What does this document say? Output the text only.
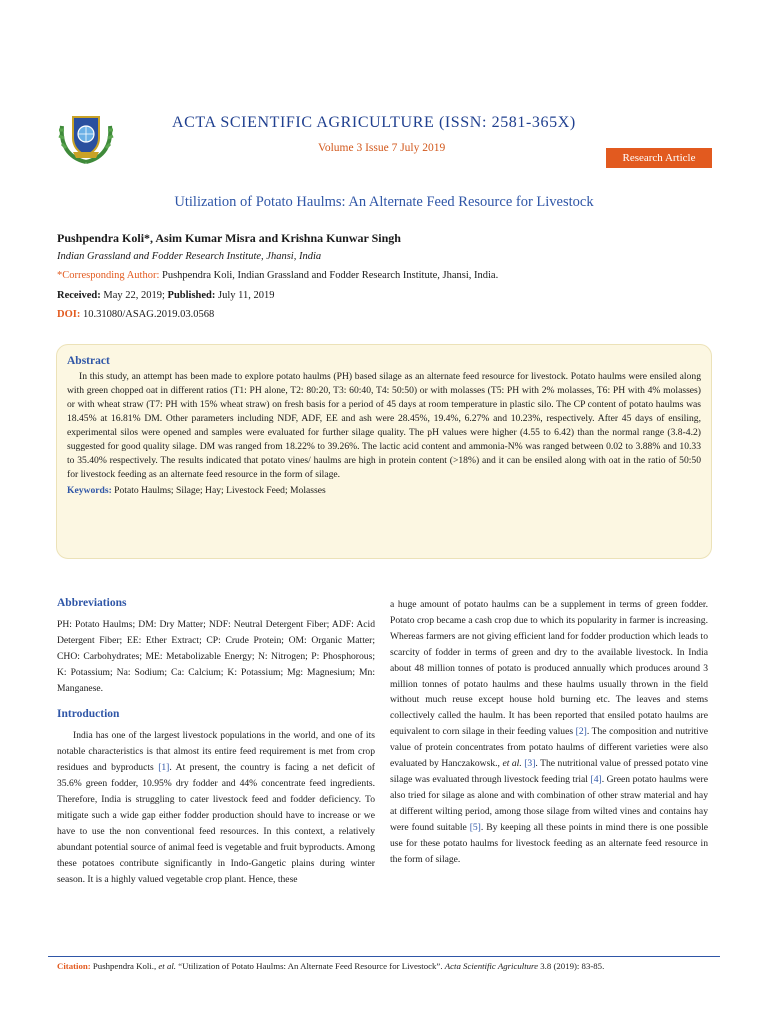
ACTA SCIENTIFIC AGRICULTURE (ISSN: 2581-365X)
Volume 3 Issue 7 July 2019
Research Article
Utilization of Potato Haulms: An Alternate Feed Resource for Livestock
Pushpendra Koli*, Asim Kumar Misra and Krishna Kunwar Singh
Indian Grassland and Fodder Research Institute, Jhansi, India
*Corresponding Author: Pushpendra Koli, Indian Grassland and Fodder Research Institute, Jhansi, India.
Received: May 22, 2019; Published: July 11, 2019
DOI: 10.31080/ASAG.2019.03.0568
Abstract
In this study, an attempt has been made to explore potato haulms (PH) based silage as an alternate feed resource for livestock. Potato haulms were ensiled along with green chopped oat in different ratios (T1: PH alone, T2: 80:20, T3: 60:40, T4: 50:50) or with molasses (T5: PH with 2% molasses, T6: PH with 4% molasses) or with wheat straw (T7: PH with 15% wheat straw) on fresh basis for a period of 45 days at room temperature in plastic silo. The CP content of potato haulms was 18.45% at 16.81% DM. Other parameters including NDF, ADF, EE and ash were 28.45%, 19.4%, 6.27% and 10.23%, respectively. After 45 days of ensiling, experimental silos were opened and samples were evaluated for further silage quality. The pH values were higher (4.55 to 6.42) than the normal range (3.8-4.2) suggested for good quality silage. DM was ranged from 18.22% to 39.26%. The lactic acid content and ammonia-N% was ranged between 0.02 to 3.88% and 10.33 to 35.40% respectively. The results indicated that potato vines/ haulms are high in protein content (>18%) and it can be ensiled along with oat in the ratio of 50:50 for livestock feeding as an alternate feed resource in the form of silage.
Keywords: Potato Haulms; Silage; Hay; Livestock Feed; Molasses
Abbreviations

PH: Potato Haulms; DM: Dry Matter; NDF: Neutral Detergent Fiber; ADF: Acid Detergent Fiber; EE: Ether Extract; CP: Crude Protein; OM: Organic Matter; CHO: Carbohydrates; ME: Metabolizable Energy; N: Nitrogen; P: Phosphorous; K: Potassium; Na: Sodium; Ca: Calcium; K: Potassium; Mg: Magnesium; Mn: Manganese.

Introduction

India has one of the largest livestock populations in the world, and one of its notable characteristics is that almost its entire feed requirement is met from crop residues and byproducts [1]. At present, the country is facing a net deficit of 35.6% green fodder, 10.95% dry fodder and 44% concentrate feed ingredients. Therefore, India is struggling to cater livestock feed and fodder deficiency. To mitigate such a wide gap either fodder production should have to increase or we have to use the non conventional feed resources. In this context, a relatively abundant potential source of animal feed is vegetable and fruit byproducts. Among these potatoes contribute significantly in Indo-Gangetic plains during winter season. It is a highly valued vegetable crop plant. Hence, these

a huge amount of potato haulms can be a supplement in terms of green fodder. Potato crop became a cash crop due to which its popularity in farmer is increasing. Whereas farmers are not giving efficient land for fodder production which leads to scarcity of fodder in terms of green and dry to the available livestock. In India about 48 million tonnes of potato is produced annually which produces around 3 million tonnes of potato haulms and these haulms usually thrown in the field without much reuse except house hold burning etc. The leaves and stems collectively called the haulm. It has been reported that ensiled potato haulms are equivalent to corn silage in their feeding values [2]. The composition and nutritive value of protein concentrates from potato haulms of different varieties were also evaluated by Hanczakowsk., et al. [3]. The nutritional value of pressed potato vine silage was evaluated through livestock feeding trial [4]. Green potato haulms were also tried for silage as alone and with combination of other straw material and hay at different wilting period, among those silage from wilted vines and contains hay were found suitable [5]. By keeping all these points in mind there is one possible use for these potato haulms for livestock feeding as an alternate feed resource in the form of silage.

Citation: Pushpendra Koli., et al. “Utilization of Potato Haulms: An Alternate Feed Resource for Livestock”. Acta Scientific Agriculture 3.8 (2019): 83-85.
